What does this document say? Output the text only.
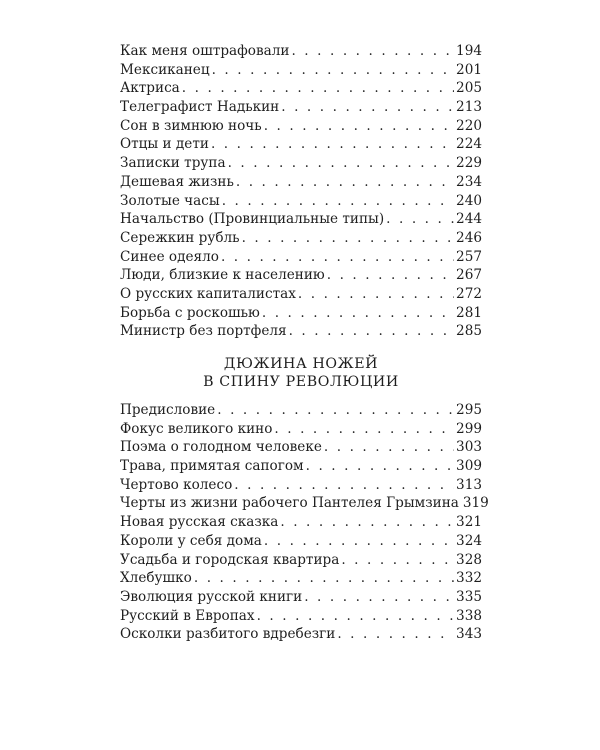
Как меня оштрафовали . . .	194
Мексиканец . . .	201
Актриса . . .	205
Телеграфист Надькин . . .	213
Сон в зимнюю ночь . . .	220
Отцы и дети . . .	224
Записки трупа . . .	229
Дешевая жизнь . . .	234
Золотые часы . . .	240
Начальство (Провинциальные типы) . . .	244
Сережкин рубль . . .	246
Синее одеяло . . .	257
Люди, близкие к населению . . .	267
О русских капиталистах . . .	272
Борьба с роскошью . . .	281
Министр без портфеля . . .	285
ДЮЖИНА НОЖЕЙ
В СПИНУ РЕВОЛЮЦИИ
Предисловие . . .	295
Фокус великого кино . . .	299
Поэма о голодном человеке . . .	303
Трава, примятая сапогом . . .	309
Чертово колесо . . .	313
Черты из жизни рабочего Пантелея Грымзина 319
Новая русская сказка . . .	321
Короли у себя дома . . .	324
Усадьба и городская квартира . . .	328
Хлебушко . . .	332
Эволюция русской книги . . .	335
Русский в Европах . . .	338
Осколки разбитого вдребезги . . .	343
